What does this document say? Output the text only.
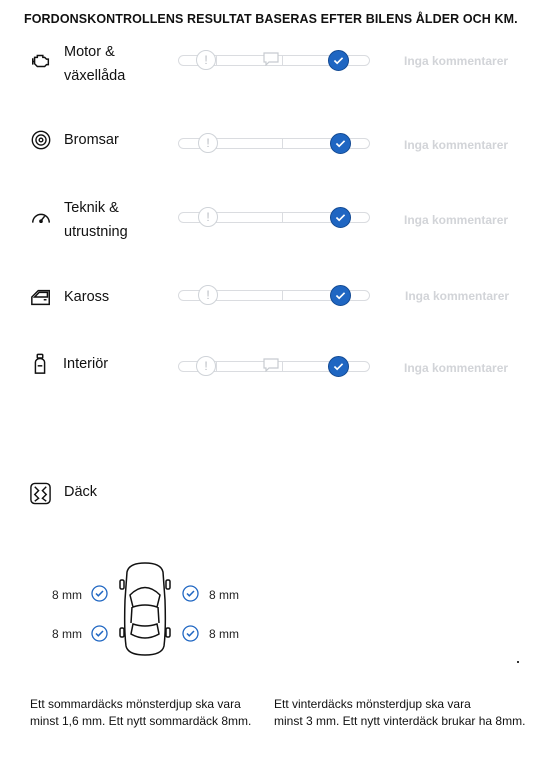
FORDONSKONTROLLENS RESULTAT BASERAS EFTER BILENS ÅLDER OCH KM.
Motor &
växellåda
!	Inga kommentarer
Bromsar	!	Inga kommentarer
Teknik &
utrustning
!	Inga kommentarer
Kaross	!	Inga kommentarer
Interiör	!	Inga kommentarer
Däck
8 mm
8 mm
8 mm
8 mm
Ett sommardäcks mönsterdjup ska vara
minst 1,6 mm. Ett nytt sommardäck 8mm.
Ett vinterdäcks mönsterdjup ska vara
minst 3 mm. Ett nytt vinterdäck brukar ha 8mm.
